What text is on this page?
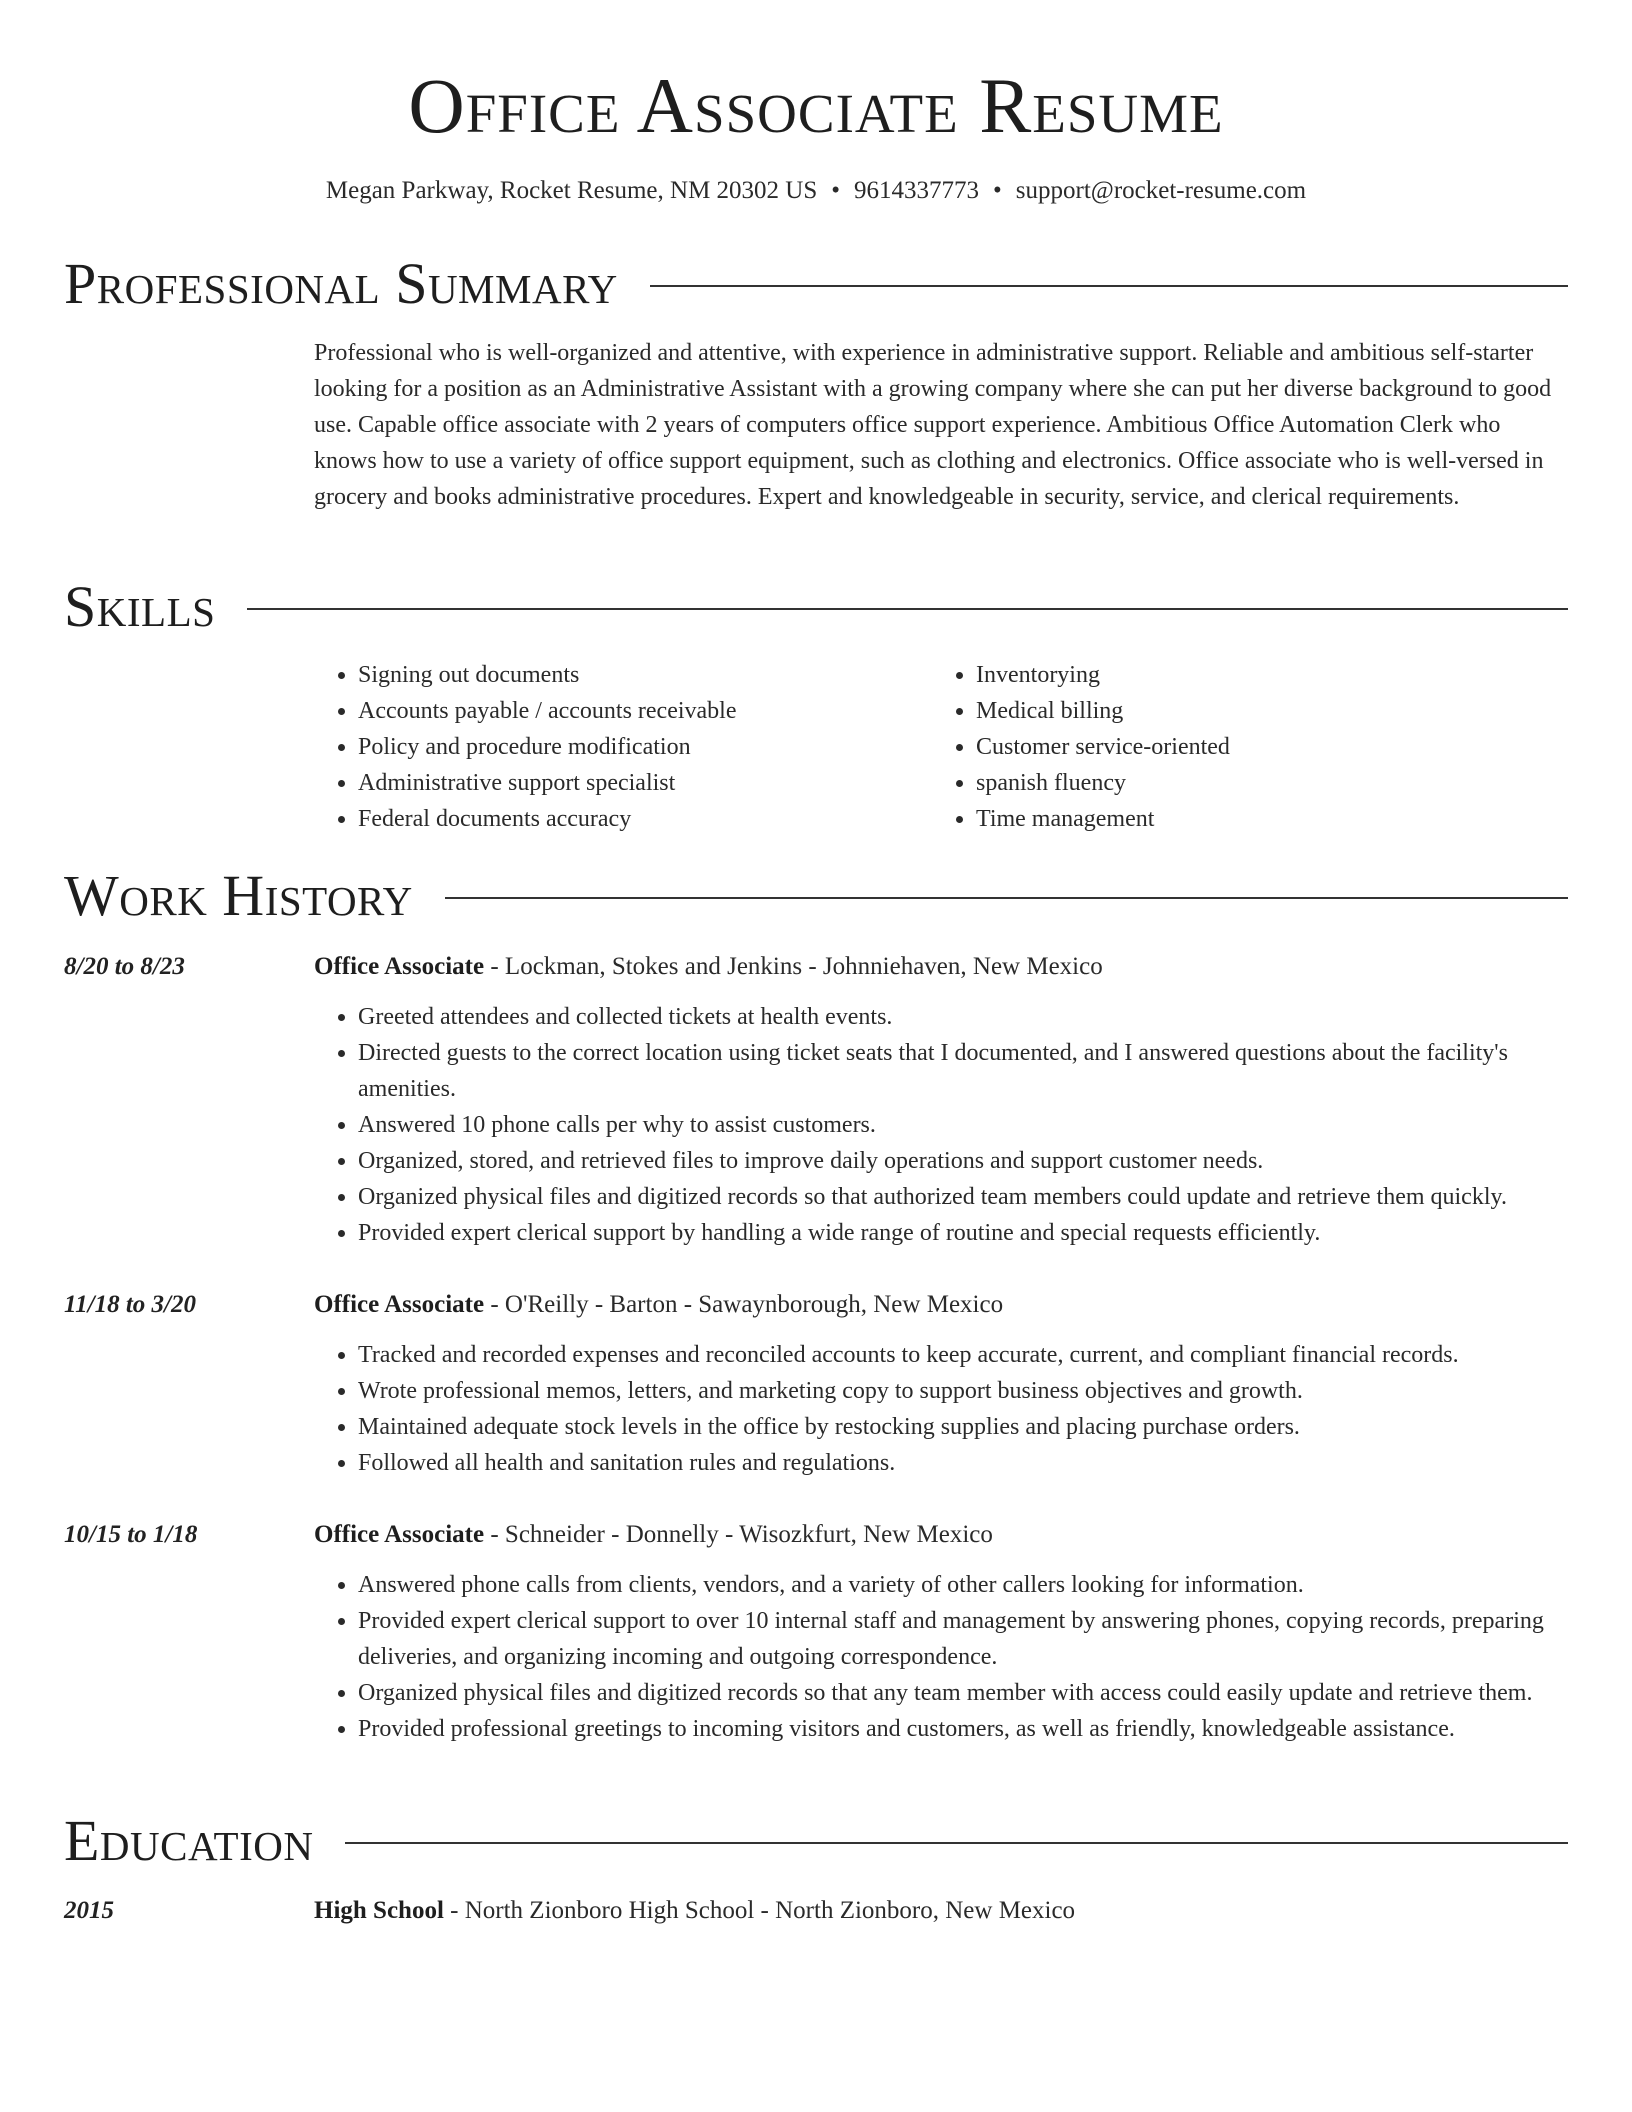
Office Associate Resume
Megan Parkway, Rocket Resume, NM 20302 US • 9614337773 • support@rocket-resume.com
Professional Summary
Professional who is well-organized and attentive, with experience in administrative support. Reliable and ambitious self-starter looking for a position as an Administrative Assistant with a growing company where she can put her diverse background to good use. Capable office associate with 2 years of computers office support experience. Ambitious Office Automation Clerk who knows how to use a variety of office support equipment, such as clothing and electronics. Office associate who is well-versed in grocery and books administrative procedures. Expert and knowledgeable in security, service, and clerical requirements.
Skills
• Signing out documents
• Accounts payable / accounts receivable
• Policy and procedure modification
• Administrative support specialist
• Federal documents accuracy
• Inventorying
• Medical billing
• Customer service-oriented
• spanish fluency
• Time management
Work History
8/20 to 8/23	Office Associate - Lockman, Stokes and Jenkins - Johnniehaven, New Mexico
• Greeted attendees and collected tickets at health events.
• Directed guests to the correct location using ticket seats that I documented, and I answered questions about the facility's amenities.
• Answered 10 phone calls per why to assist customers.
• Organized, stored, and retrieved files to improve daily operations and support customer needs.
• Organized physical files and digitized records so that authorized team members could update and retrieve them quickly.
• Provided expert clerical support by handling a wide range of routine and special requests efficiently.
11/18 to 3/20	Office Associate - O'Reilly - Barton - Sawaynborough, New Mexico
• Tracked and recorded expenses and reconciled accounts to keep accurate, current, and compliant financial records.
• Wrote professional memos, letters, and marketing copy to support business objectives and growth.
• Maintained adequate stock levels in the office by restocking supplies and placing purchase orders.
• Followed all health and sanitation rules and regulations.
10/15 to 1/18	Office Associate - Schneider - Donnelly - Wisozkfurt, New Mexico
• Answered phone calls from clients, vendors, and a variety of other callers looking for information.
• Provided expert clerical support to over 10 internal staff and management by answering phones, copying records, preparing deliveries, and organizing incoming and outgoing correspondence.
• Organized physical files and digitized records so that any team member with access could easily update and retrieve them.
• Provided professional greetings to incoming visitors and customers, as well as friendly, knowledgeable assistance.
Education
2015	High School - North Zionboro High School - North Zionboro, New Mexico
